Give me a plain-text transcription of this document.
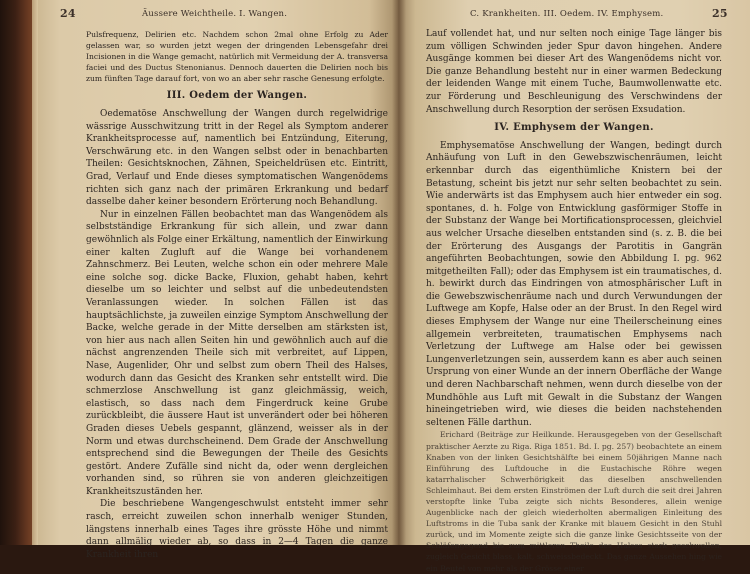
24	Äussere Weichtheile. I. Wangen.

Pulsfrequenz, Delirien etc. Nachdem schon 2mal ohne Erfolg zu Ader gelassen war, so wurden jetzt wegen der dringenden Lebensgefahr drei Incisionen in die Wange gemacht, natürlich mit Vermeidung der A. transversa faciei und des Ductus Stenonianus. Dennoch dauerten die Delirien noch bis zum fünften Tage darauf fort, von wo an aber sehr rasche Genesung erfolgte.

III. Oedem der Wangen.

Oedematöse Anschwellung der Wangen durch regelwidrige wässrige Ausschwitzung tritt in der Regel als Symptom anderer Krankheitsprocesse auf, namentlich bei Entzündung, Eiterung, Verschwärung etc. in den Wangen selbst oder in benachbarten Theilen: Gesichtsknochen, Zähnen, Speicheldrüsen etc. Eintritt, Grad, Verlauf und Ende dieses symptomatischen Wangenödems richten sich ganz nach der primären Erkrankung und bedarf dasselbe daher keiner besondern Erörterung noch Behandlung.

Nur in einzelnen Fällen beobachtet man das Wangenödem als selbstständige Erkrankung für sich allein, und zwar dann gewöhnlich als Folge einer Erkältung, namentlich der Einwirkung einer kalten Zugluft auf die Wange bei vorhandenem Zahnschmerz. Bei Leuten, welche schon ein oder mehrere Male eine solche sog. dicke Backe, Fluxion, gehabt haben, kehrt dieselbe um so leichter und selbst auf die unbedeutendsten Veranlassungen wieder. In solchen Fällen ist das hauptsächlichste, ja zuweilen einzige Symptom Anschwellung der Backe, welche gerade in der Mitte derselben am stärksten ist, von hier aus nach allen Seiten hin und gewöhnlich auch auf die nächst angrenzenden Theile sich mit verbreitet, auf Lippen, Nase, Augenlider, Ohr und selbst zum obern Theil des Halses, wodurch dann das Gesicht des Kranken sehr entstellt wird. Die schmerzlose Anschwellung ist ganz gleichmässig, weich, elastisch, so dass nach dem Fingerdruck keine Grube zurückbleibt, die äussere Haut ist unverändert oder bei höheren Graden dieses Uebels gespannt, glänzend, weisser als in der Norm und etwas durchscheinend. Dem Grade der Anschwellung entsprechend sind die Bewegungen der Theile des Gesichts gestört. Andere Zufälle sind nicht da, oder wenn dergleichen vorhanden sind, so rühren sie von anderen gleichzeitigen Krankheitszuständen her.

Die beschriebene Wangengeschwulst entsteht immer sehr rasch, erreicht zuweilen schon innerhalb weniger Stunden, längstens innerhalb eines Tages ihre grösste Höhe und nimmt dann allmälig wieder ab, so dass in 2—4 Tagen die ganze Krankheit ihren

C. Krankheiten. III. Oedem. IV. Emphysem.	25

Lauf vollendet hat, und nur selten noch einige Tage länger bis zum völligen Schwinden jeder Spur davon hingehen. Andere Ausgänge kommen bei dieser Art des Wangenödems nicht vor. Die ganze Behandlung besteht nur in einer warmen Bedeckung der leidenden Wange mit einem Tuche, Baumwollenwatte etc. zur Förderung und Beschleunigung des Verschwindens der Anschwellung durch Resorption der serösen Exsudation.

IV. Emphysem der Wangen.

Emphysematöse Anschwellung der Wangen, bedingt durch Anhäufung von Luft in den Gewebszwischenräumen, leicht erkennbar durch das eigenthümliche Knistern bei der Betastung, scheint bis jetzt nur sehr selten beobachtet zu sein. Wie anderwärts ist das Emphysem auch hier entweder ein sog. spontanes, d. h. Folge von Entwicklung gasförmiger Stoffe in der Substanz der Wange bei Mortificationsprocessen, gleichviel aus welcher Ursache dieselben entstanden sind (s. z. B. die bei der Erörterung des Ausgangs der Parotitis in Gangrän angeführten Beobachtungen, sowie den Abbildung I. pg. 962 mitgetheilten Fall); oder das Emphysem ist ein traumatisches, d. h. bewirkt durch das Eindringen von atmosphärischer Luft in die Gewebszwischenräume nach und durch Verwundungen der Luftwege am Kopfe, Halse oder an der Brust. In den Regel wird dieses Emphysem der Wange nur eine Theilerscheinung eines allgemein verbreiteten, traumatischen Emphysems nach Verletzung der Luftwege am Halse oder bei gewissen Lungenverletzungen sein, ausserdem kann es aber auch seinen Ursprung von einer Wunde an der innern Oberfläche der Wange und deren Nachbarschaft nehmen, wenn durch dieselbe von der Mundhöhle aus Luft mit Gewalt in die Substanz der Wangen hineingetrieben wird, wie dieses die beiden nachstehenden seltenen Fälle darthun.

Erichard (Beiträge zur Heilkunde. Herausgegeben von der Gesellschaft praktischer Aerzte zu Riga. Riga 1851. Bd. I. pg. 257) beobachtete an einem Knaben von der linken Gesichtshälfte bei einem 50jährigen Manne nach Einführung des Luftdouche in die Eustachische Röhre wegen katarrhalischer Schwerhörigkeit das dieselben anschwellenden Schleimhaut. Bei dem ersten Einströmen der Luft durch die seit drei Jahren verstopfte linke Tuba zeigte sich nichts Besonderes, allein wenige Augenblicke nach der gleich wiederholten abermaligen Einleitung des Luftstroms in die Tuba sank der Kranke mit blauem Gesicht in den Stuhl zurück, und im Momente zeigte sich die ganze linke Gesichtsseite von der Schläfengegend bis zum mittleren Theile des Halses stark geschwollen, zugleich Gesicht blass, kalt, schweissbedeckt. Das ganze Aussehen hing wie ein Beutel von mehr als der Grösse einer
